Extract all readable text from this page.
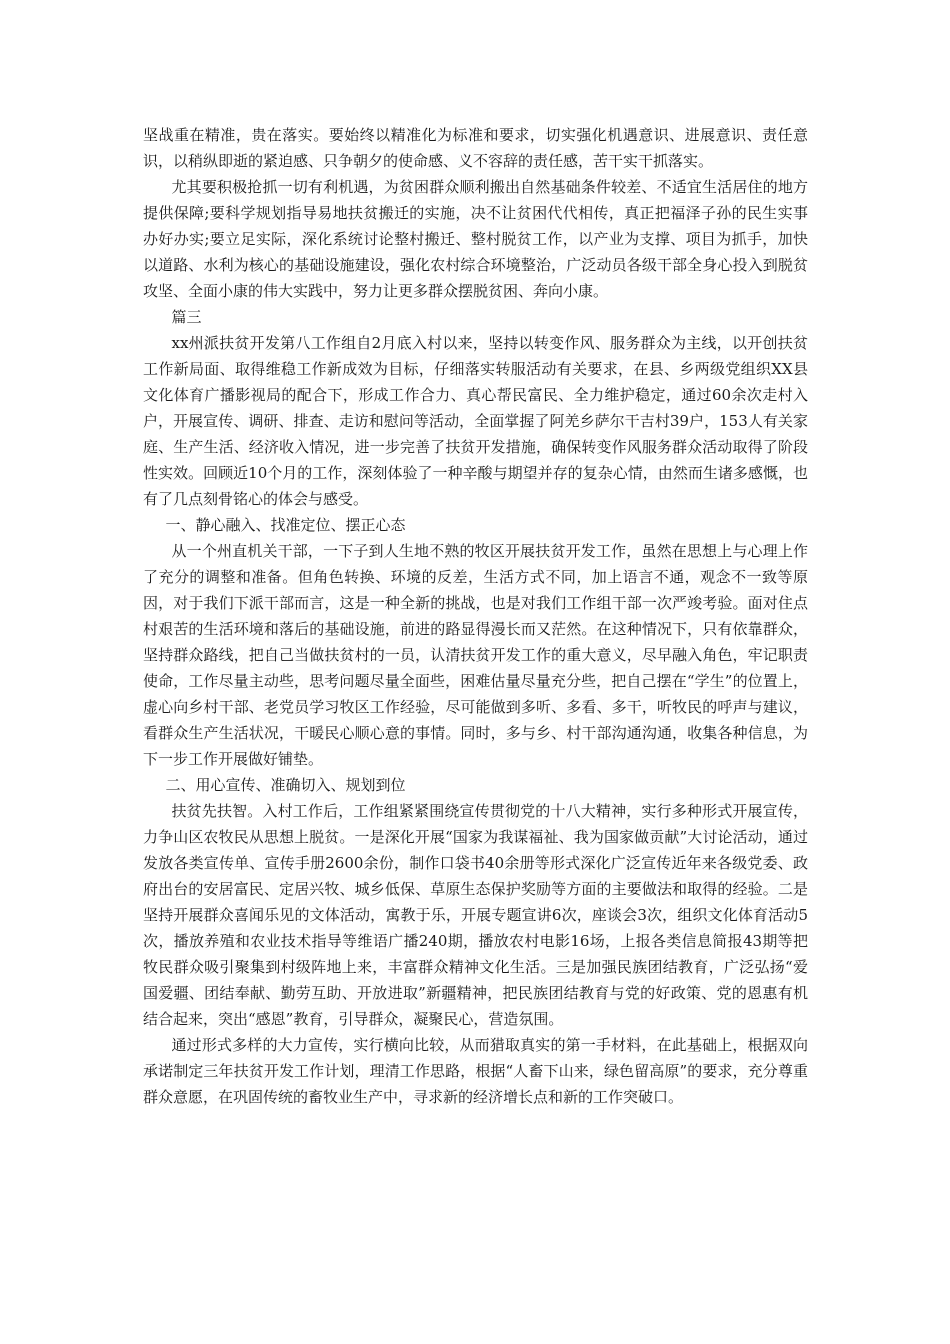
坚战重在精准，贵在落实。要始终以精准化为标准和要求，切实强化机遇意识、进展意识、责任意识，以稍纵即逝的紧迫感、只争朝夕的使命感、义不容辞的责任感，苦干实干抓落实。

尤其要积极抢抓一切有利机遇，为贫困群众顺利搬出自然基础条件较差、不适宜生活居住的地方提供保障;要科学规划指导易地扶贫搬迁的实施，决不让贫困代代相传，真正把福泽子孙的民生实事办好办实;要立足实际，深化系统讨论整村搬迁、整村脱贫工作，以产业为支撑、项目为抓手，加快以道路、水利为核心的基础设施建设，强化农村综合环境整治，广泛动员各级干部全身心投入到脱贫攻坚、全面小康的伟大实践中，努力让更多群众摆脱贫困、奔向小康。

篇三

xx州派扶贫开发第八工作组自2月底入村以来，坚持以转变作风、服务群众为主线，以开创扶贫工作新局面、取得维稳工作新成效为目标，仔细落实转服活动有关要求，在县、乡两级党组织XX县文化体育广播影视局的配合下，形成工作合力、真心帮民富民、全力维护稳定，通过60余次走村入户，开展宣传、调研、排查、走访和慰问等活动，全面掌握了阿羌乡萨尔干吉村39户，153人有关家庭、生产生活、经济收入情况，进一步完善了扶贫开发措施，确保转变作风服务群众活动取得了阶段性实效。回顾近10个月的工作，深刻体验了一种辛酸与期望并存的复杂心情，由然而生诸多感慨，也有了几点刻骨铭心的体会与感受。

一、静心融入、找准定位、摆正心态

从一个州直机关干部，一下子到人生地不熟的牧区开展扶贫开发工作，虽然在思想上与心理上作了充分的调整和准备。但角色转换、环境的反差，生活方式不同，加上语言不通，观念不一致等原因，对于我们下派干部而言，这是一种全新的挑战，也是对我们工作组干部一次严竣考验。面对住点村艰苦的生活环境和落后的基础设施，前进的路显得漫长而又茫然。在这种情况下，只有依靠群众，坚持群众路线，把自己当做扶贫村的一员，认清扶贫开发工作的重大意义，尽早融入角色，牢记职责使命，工作尽量主动些，思考问题尽量全面些，困难估量尽量充分些，把自己摆在“学生”的位置上，虚心向乡村干部、老党员学习牧区工作经验，尽可能做到多听、多看、多干，听牧民的呼声与建议，看群众生产生活状况，干暖民心顺心意的事情。同时，多与乡、村干部沟通沟通，收集各种信息，为下一步工作开展做好铺垫。

二、用心宣传、准确切入、规划到位

扶贫先扶智。入村工作后，工作组紧紧围绕宣传贯彻党的十八大精神，实行多种形式开展宣传，力争山区农牧民从思想上脱贫。一是深化开展“国家为我谋福祉、我为国家做贡献”大讨论活动，通过发放各类宣传单、宣传手册2600余份，制作口袋书40余册等形式深化广泛宣传近年来各级党委、政府出台的安居富民、定居兴牧、城乡低保、草原生态保护奖励等方面的主要做法和取得的经验。二是坚持开展群众喜闻乐见的文体活动，寓教于乐，开展专题宣讲6次，座谈会3次，组织文化体育活动5次，播放养殖和农业技术指导等维语广播240期，播放农村电影16场，上报各类信息简报43期等把牧民群众吸引聚集到村级阵地上来，丰富群众精神文化生活。三是加强民族团结教育，广泛弘扬“爱国爱疆、团结奉献、勤劳互助、开放进取”新疆精神，把民族团结教育与党的好政策、党的恩惠有机结合起来，突出“感恩”教育，引导群众，凝聚民心，营造氛围。

通过形式多样的大力宣传，实行横向比较，从而猎取真实的第一手材料，在此基础上，根据双向承诺制定三年扶贫开发工作计划，理清工作思路，根据“人畜下山来，绿色留高原”的要求，充分尊重群众意愿，在巩固传统的畜牧业生产中，寻求新的经济增长点和新的工作突破口。
